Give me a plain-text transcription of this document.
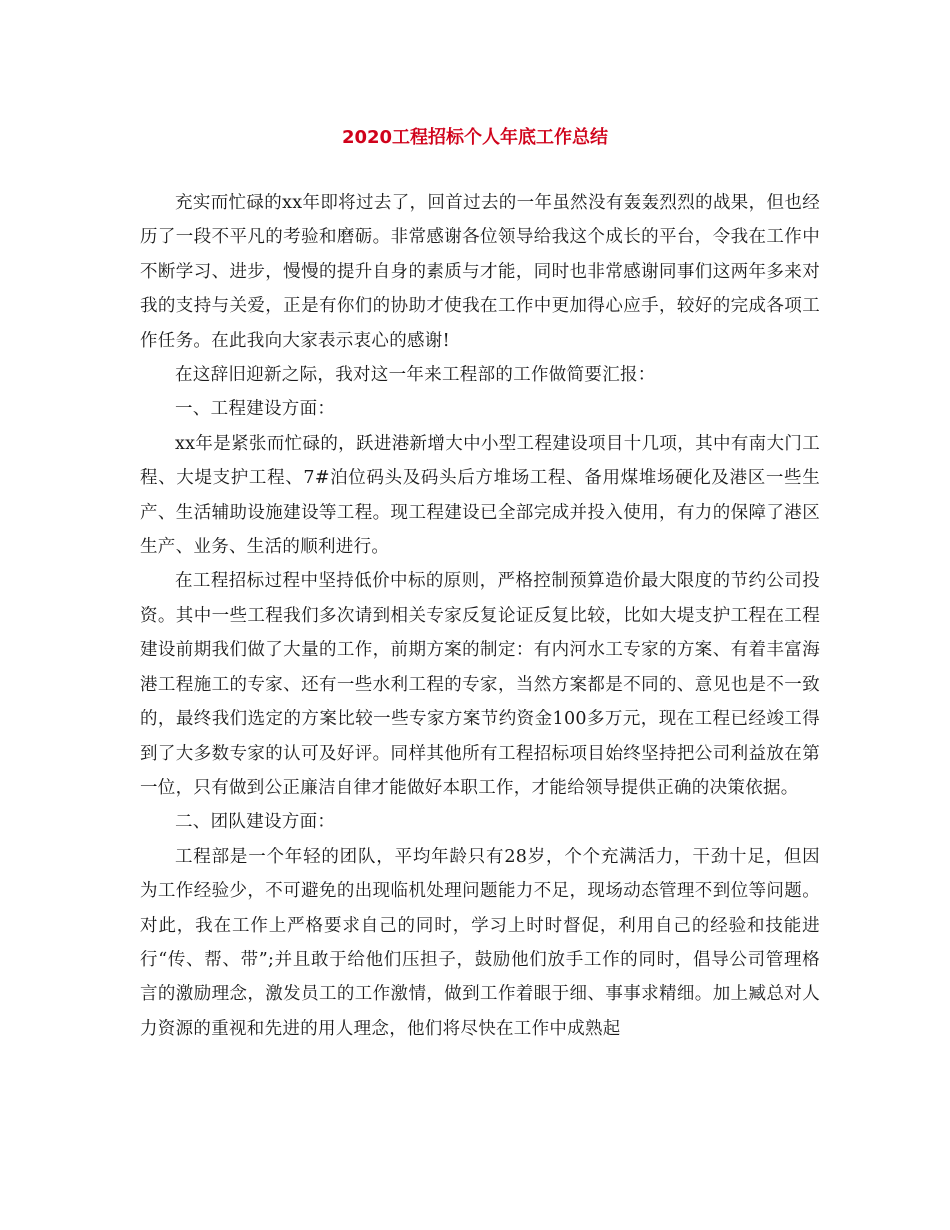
2020工程招标个人年底工作总结

充实而忙碌的xx年即将过去了，回首过去的一年虽然没有轰轰烈烈的战果，但也经历了一段不平凡的考验和磨砺。非常感谢各位领导给我这个成长的平台，令我在工作中不断学习、进步，慢慢的提升自身的素质与才能，同时也非常感谢同事们这两年多来对我的支持与关爱，正是有你们的协助才使我在工作中更加得心应手，较好的完成各项工作任务。在此我向大家表示衷心的感谢!

在这辞旧迎新之际，我对这一年来工程部的工作做简要汇报：

一、工程建设方面：

xx年是紧张而忙碌的，跃进港新增大中小型工程建设项目十几项，其中有南大门工程、大堤支护工程、7#泊位码头及码头后方堆场工程、备用煤堆场硬化及港区一些生产、生活辅助设施建设等工程。现工程建设已全部完成并投入使用，有力的保障了港区生产、业务、生活的顺利进行。

在工程招标过程中坚持低价中标的原则，严格控制预算造价最大限度的节约公司投资。其中一些工程我们多次请到相关专家反复论证反复比较，比如大堤支护工程在工程建设前期我们做了大量的工作，前期方案的制定：有内河水工专家的方案、有着丰富海港工程施工的专家、还有一些水利工程的专家，当然方案都是不同的、意见也是不一致的，最终我们选定的方案比较一些专家方案节约资金100多万元，现在工程已经竣工得到了大多数专家的认可及好评。同样其他所有工程招标项目始终坚持把公司利益放在第一位，只有做到公正廉洁自律才能做好本职工作，才能给领导提供正确的决策依据。

二、团队建设方面：

工程部是一个年轻的团队，平均年龄只有28岁，个个充满活力，干劲十足，但因为工作经验少，不可避免的出现临机处理问题能力不足，现场动态管理不到位等问题。对此，我在工作上严格要求自己的同时，学习上时时督促，利用自己的经验和技能进行“传、帮、带”;并且敢于给他们压担子，鼓励他们放手工作的同时，倡导公司管理格言的激励理念，激发员工的工作激情，做到工作着眼于细、事事求精细。加上臧总对人力资源的重视和先进的用人理念，他们将尽快在工作中成熟起
